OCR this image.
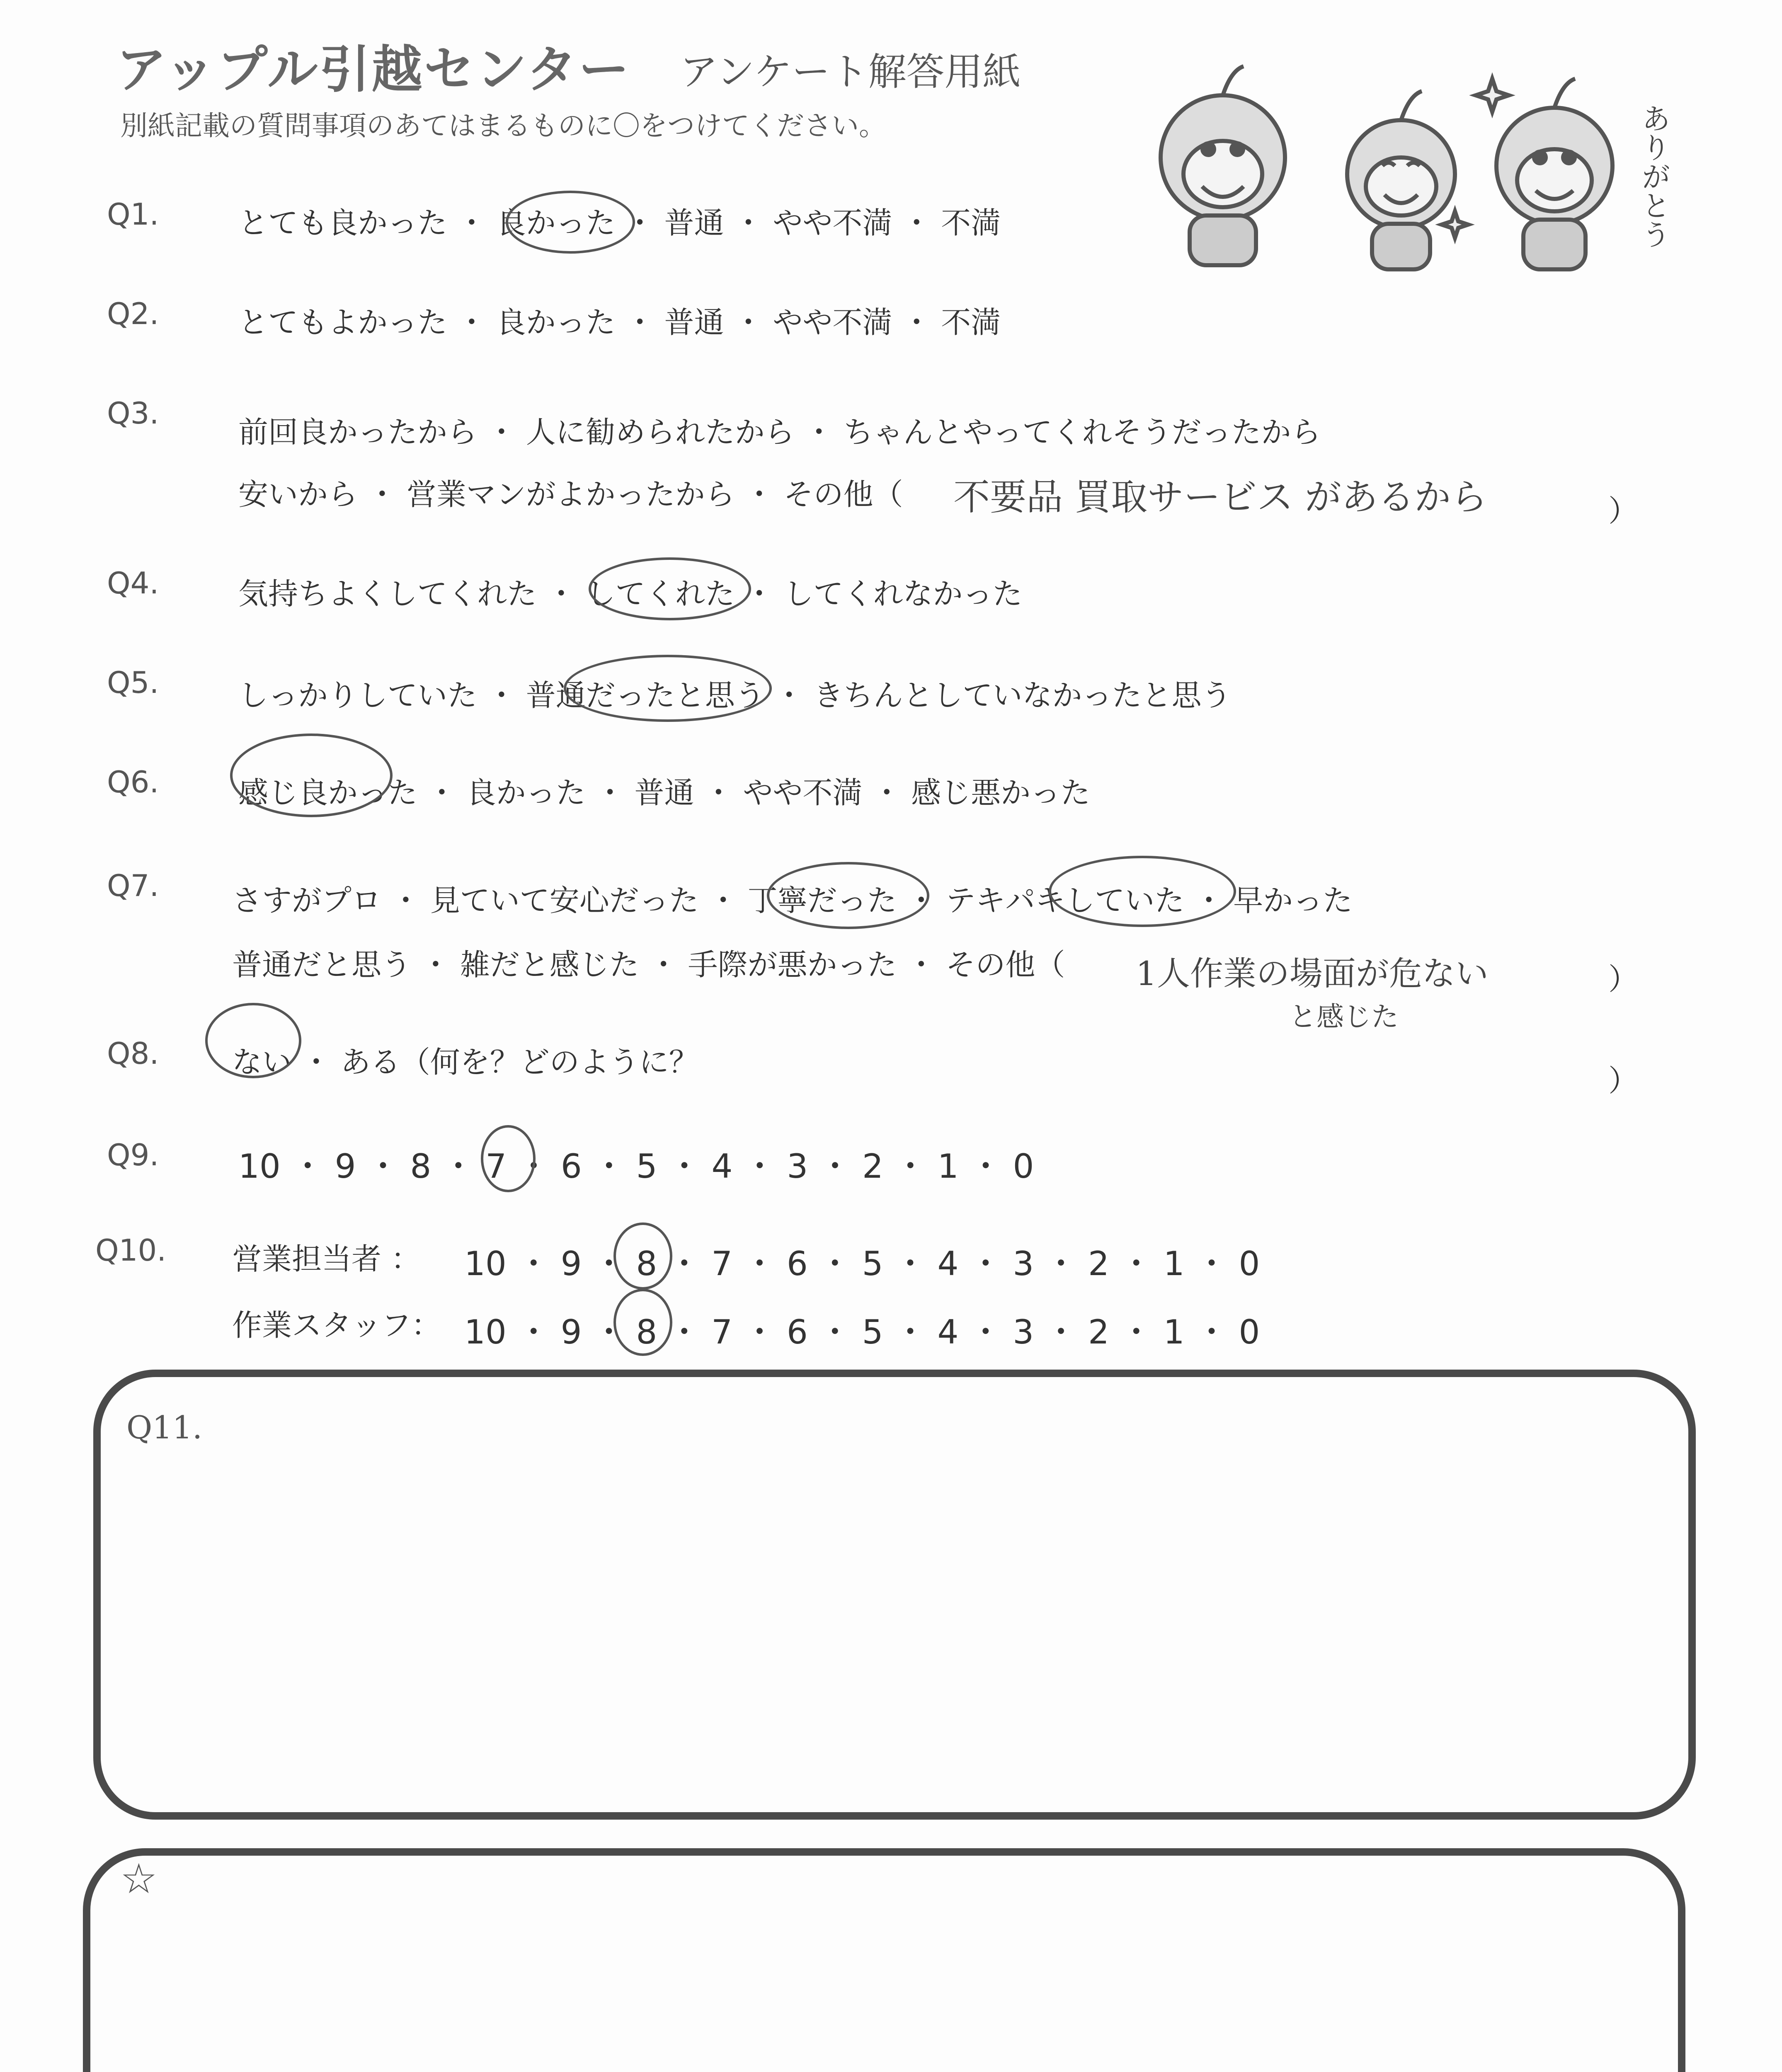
アップル引越センター アンケート解答用紙
別紙記載の質問事項のあてはまるものに〇をつけてください。	ありがとう
Q1.	とても良かった ・ 良かった ・ 普通 ・ やや不満 ・ 不満
Q2.	とてもよかった ・ 良かった ・ 普通 ・ やや不満 ・ 不満
Q3.
前回良かったから ・ 人に勧められたから ・ ちゃんとやってくれそうだったから
安いから ・ 営業マンがよかったから ・ その他（ 不要品 買取サービス があるから	）
Q4.	気持ちよくしてくれた ・ してくれた ・ してくれなかった
Q5.	しっかりしていた ・ 普通だったと思う ・ きちんとしていなかったと思う
Q6.	感じ良かった ・ 良かった ・ 普通 ・ やや不満 ・ 感じ悪かった
Q7. さすがプロ ・ 見ていて安心だった ・ 丁寧だった ・ テキパキしていた ・ 早かった
普通だと思う ・ 雑だと感じた ・ 手際が悪かった ・ その他（ 1人作業の場面が危ない
と感じた
）
Q8. ない ・ ある（何を？どのように？
）
Q9. 10 ・ 9 ・ 8 ・ 7 ・ 6 ・ 5 ・ 4 ・ 3 ・ 2 ・ 1 ・ 0
Q10. 営業担当者 ： 10 ・ 9 ・ 8 ・ 7 ・ 6 ・ 5 ・ 4 ・ 3 ・ 2 ・ 1 ・ 0
作業スタッフ： 10 ・ 9 ・ 8 ・ 7 ・ 6 ・ 5 ・ 4 ・ 3 ・ 2 ・ 1 ・ 0
Q11.
☆
